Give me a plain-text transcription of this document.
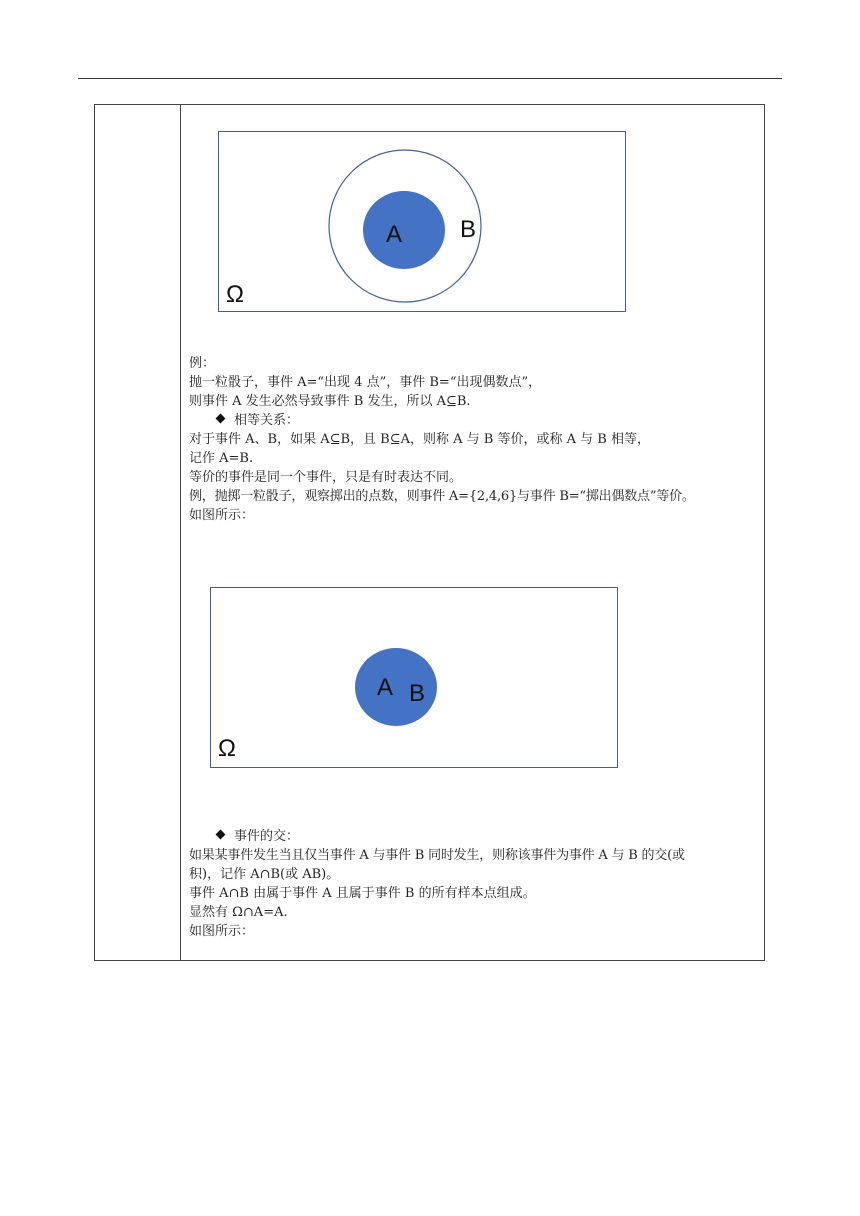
A B
Ω
例：
抛一粒骰子，事件 A=“出现 4 点”，事件 B=“出现偶数点”，
则事件 A 发生必然导致事件 B 发生，所以 A⊆B.
相等关系：
对于事件 A、B，如果 A⊆B，且 B⊆A，则称 A 与 B 等价，或称 A 与 B 相等，
记作 A=B.
等价的事件是同一个事件，只是有时表达不同。
例，抛掷一粒骰子，观察掷出的点数，则事件 A={2,4,6}与事件 B=“掷出偶数点”等价。
如图所示：
A B
Ω
事件的交：
如果某事件发生当且仅当事件 A 与事件 B 同时发生，则称该事件为事件 A 与 B 的交(或
积)，记作 A∩B(或 AB)。
事件 A∩B 由属于事件 A 且属于事件 B 的所有样本点组成。
显然有 Ω∩A=A.
如图所示：
